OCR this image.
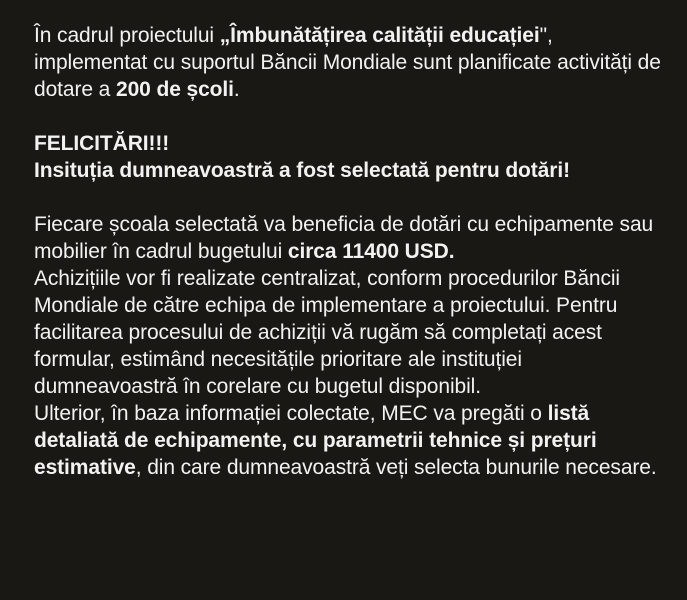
În cadrul proiectului „Îmbunătățirea calității educației", implementat cu suportul Băncii Mondiale sunt planificate activități de dotare a 200 de școli.

FELICITĂRI!!!
Insituția dumneavoastră a fost selectată pentru dotări!

Fiecare școala selectată va beneficia de dotări cu echipamente sau mobilier în cadrul bugetului circa 11400 USD.

Achizițiile vor fi realizate centralizat, conform procedurilor Băncii Mondiale de către echipa de implementare a proiectului. Pentru facilitarea procesului de achiziții vă rugăm să completați acest formular, estimând necesitățile prioritare ale instituției dumneavoastră în corelare cu bugetul disponibil.

Ulterior, în baza informației colectate, MEC va pregăti o listă detaliată de echipamente, cu parametrii tehnice și prețuri estimative, din care dumneavoastră veți selecta bunurile necesare.
